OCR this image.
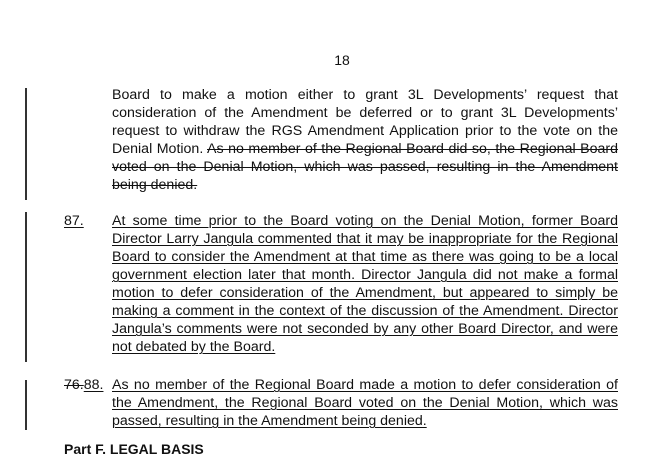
18
Board to make a motion either to grant 3L Developments’ request that
consideration of the Amendment be deferred or to grant 3L Developments’
request to withdraw the RGS Amendment Application prior to the vote on the
Denial Motion. As no member of the Regional Board did so, the Regional Board
voted on the Denial Motion, which was passed, resulting in the Amendment
being denied.
87. At some time prior to the Board voting on the Denial Motion, former Board
Director Larry Jangula commented that it may be inappropriate for the Regional
Board to consider the Amendment at that time as there was going to be a local
government election later that month. Director Jangula did not make a formal
motion to defer consideration of the Amendment, but appeared to simply be
making a comment in the context of the discussion of the Amendment. Director
Jangula’s comments were not seconded by any other Board Director, and were
not debated by the Board.
76.88. As no member of the Regional Board made a motion to defer consideration of
the Amendment, the Regional Board voted on the Denial Motion, which was
passed, resulting in the Amendment being denied.
Part F. LEGAL BASIS
